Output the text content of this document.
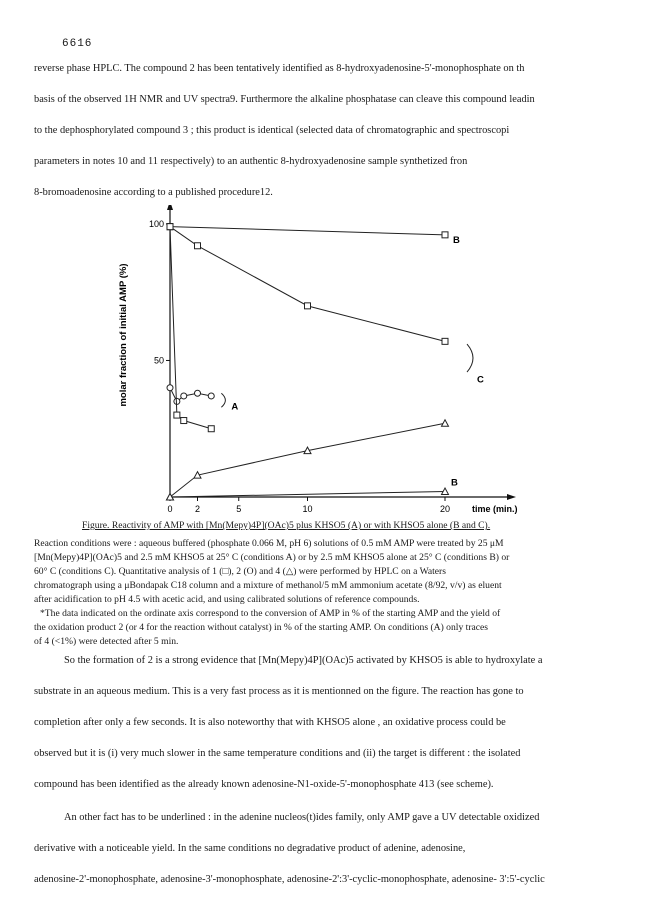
6616
reverse phase HPLC. The compound 2 has been tentatively identified as 8-hydroxyadenosine-5'-monophosphate on th
basis of the observed 1H NMR and UV spectra9. Furthermore the alkaline phosphatase can cleave this compound leadin
to the dephosphorylated compound 3 ; this product is identical (selected data of chromatographic and spectroscopi
parameters in notes 10 and 11 respectively) to an authentic 8-hydroxyadenosine sample synthetized fron
8-bromoadenosine according to a published procedure12.
0 2	5	10	20
50
100
molar fraction of initial AMP (%)
time (min.)
B
C
A
B
Figure. Reactivity of AMP with [Mn(Mepy)4P](OAc)5 plus KHSO5 (A) or with KHSO5 alone (B and C).
Reaction conditions were : aqueous buffered (phosphate 0.066 M, pH 6) solutions of 0.5 mM AMP were treated by 25 μM
[Mn(Mepy)4P](OAc)5 and 2.5 mM KHSO5 at 25° C (conditions A) or by 2.5 mM KHSO5 alone at 25° C (conditions B) or
60° C (conditions C). Quantitative analysis of 1 (□), 2 (O) and 4 (△) were performed by HPLC on a Waters
chromatograph using a μBondapak C18 column and a mixture of methanol/5 mM ammonium acetate (8/92, v/v) as eluent
after acidification to pH 4.5 with acetic acid, and using calibrated solutions of reference compounds.
*The data indicated on the ordinate axis correspond to the conversion of AMP in % of the starting AMP and the yield of
the oxidation product 2 (or 4 for the reaction without catalyst) in % of the starting AMP. On conditions (A) only traces
of 4 (<1%) were detected after 5 min.
So the formation of 2 is a strong evidence that [Mn(Mepy)4P](OAc)5 activated by KHSO5 is able to hydroxylate a
substrate in an aqueous medium. This is a very fast process as it is mentionned on the figure. The reaction has gone to
completion after only a few seconds. It is also noteworthy that with KHSO5 alone , an oxidative process could be
observed but it is (i) very much slower in the same temperature conditions and (ii) the target is different : the isolated
compound has been identified as the already known adenosine-N1-oxide-5'-monophosphate 413 (see scheme).
An other fact has to be underlined : in the adenine nucleos(t)ides family, only AMP gave a UV detectable oxidized
derivative with a noticeable yield. In the same conditions no degradative product of adenine, adenosine,
adenosine-2'-monophosphate, adenosine-3'-monophosphate, adenosine-2':3'-cyclic-monophosphate, adenosine- 3':5'-cyclic
